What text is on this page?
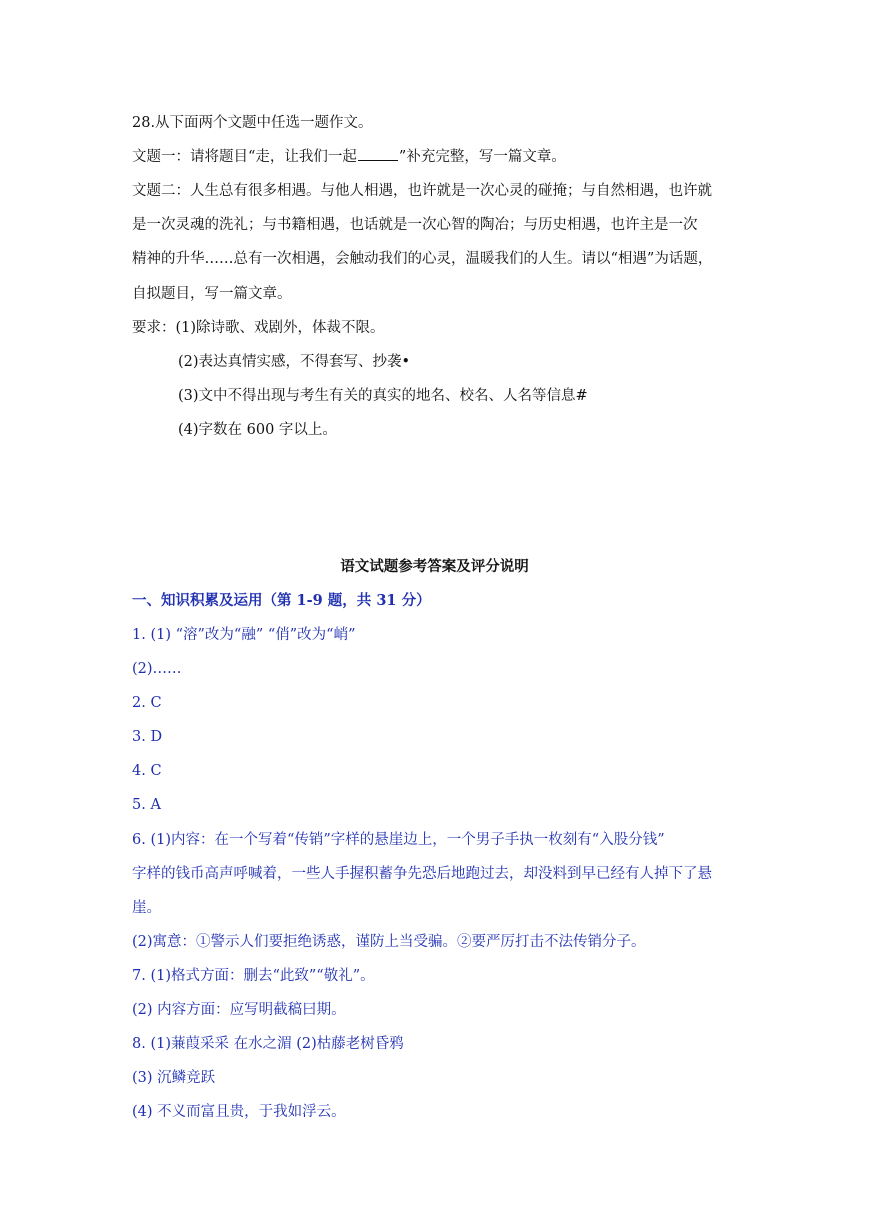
28.从下面两个文题中任选一题作文。
文题一：请将题目“走，让我们一起	”补充完整，写一篇文章。
文题二：人生总有很多相遇。与他人相遇，也许就是一次心灵的碰掩；与自然相遇，也许就
是一次灵魂的洗礼；与书籍相遇，也话就是一次心智的陶冶；与历史相遇，也许主是一次
精神的升华……总有一次相遇，会触动我们的心灵，温暖我们的人生。请以“相遇”为话题，
自拟题目，写一篇文章。
要求：(1)除诗歌、戏剧外，体裁不限。
(2)表达真情实感，不得套写、抄袭•
(3)文中不得出现与考生有关的真实的地名、校名、人名等信息#
(4)字数在 600 字以上。
语文试题参考答案及评分说明
一、知识积累及运用（第 1-9 题，共 31 分）
1. (1) “溶”改为“融” “俏”改为“峭”
(2)……
2. C
3. D
4. C
5. A
6. (1)内容：在一个写着“传销”字样的悬崖边上，一个男子手执一枚刻有“入股分钱”
字样的钱币高声呼喊着，一些人手握积蓄争先恐后地跑过去，却没料到早已经有人掉下了悬
崖。
(2)寓意：①警示人们要拒绝诱惑，谨防上当受骗。②要严厉打击不法传销分子。
7. (1)格式方面：删去“此致”“敬礼”。
(2) 内容方面：应写明截稿曰期。
8. (1)蒹葭采采 在水之湄 (2)枯藤老树昏鸦
(3) 沉鳞竞跃
(4) 不义而富且贵，于我如浮云。
